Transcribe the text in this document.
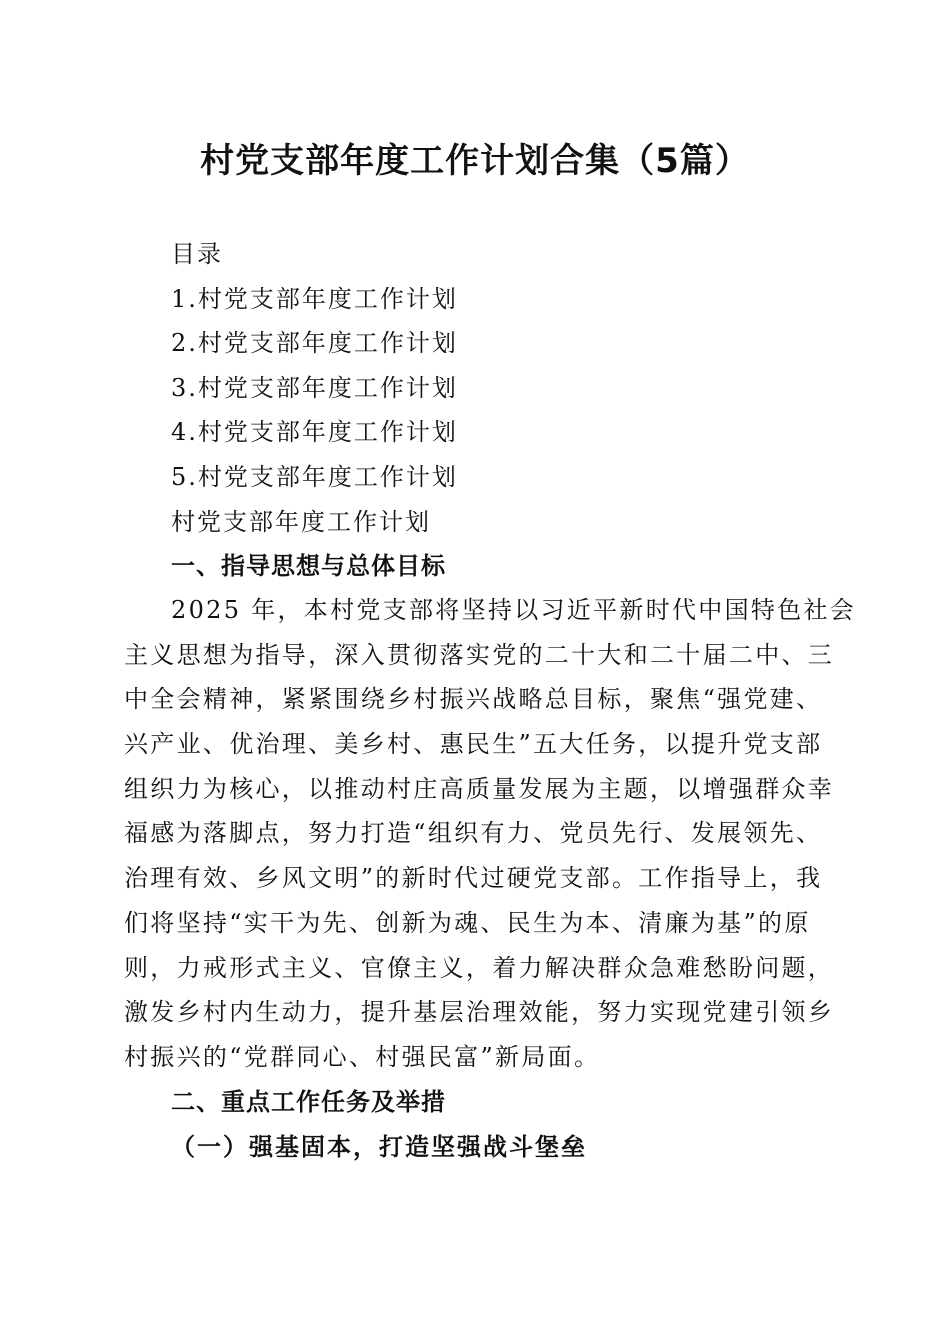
村党支部年度工作计划合集（5篇）
目录
1.村党支部年度工作计划
2.村党支部年度工作计划
3.村党支部年度工作计划
4.村党支部年度工作计划
5.村党支部年度工作计划
村党支部年度工作计划
一、指导思想与总体目标
2025 年，本村党支部将坚持以习近平新时代中国特色社会
主义思想为指导，深入贯彻落实党的二十大和二十届二中、三
中全会精神，紧紧围绕乡村振兴战略总目标，聚焦“强党建、
兴产业、优治理、美乡村、惠民生”五大任务，以提升党支部
组织力为核心，以推动村庄高质量发展为主题，以增强群众幸
福感为落脚点，努力打造“组织有力、党员先行、发展领先、
治理有效、乡风文明”的新时代过硬党支部。工作指导上，我
们将坚持“实干为先、创新为魂、民生为本、清廉为基”的原
则，力戒形式主义、官僚主义，着力解决群众急难愁盼问题，
激发乡村内生动力，提升基层治理效能，努力实现党建引领乡
村振兴的“党群同心、村强民富”新局面。
二、重点工作任务及举措
（一）强基固本，打造坚强战斗堡垒
